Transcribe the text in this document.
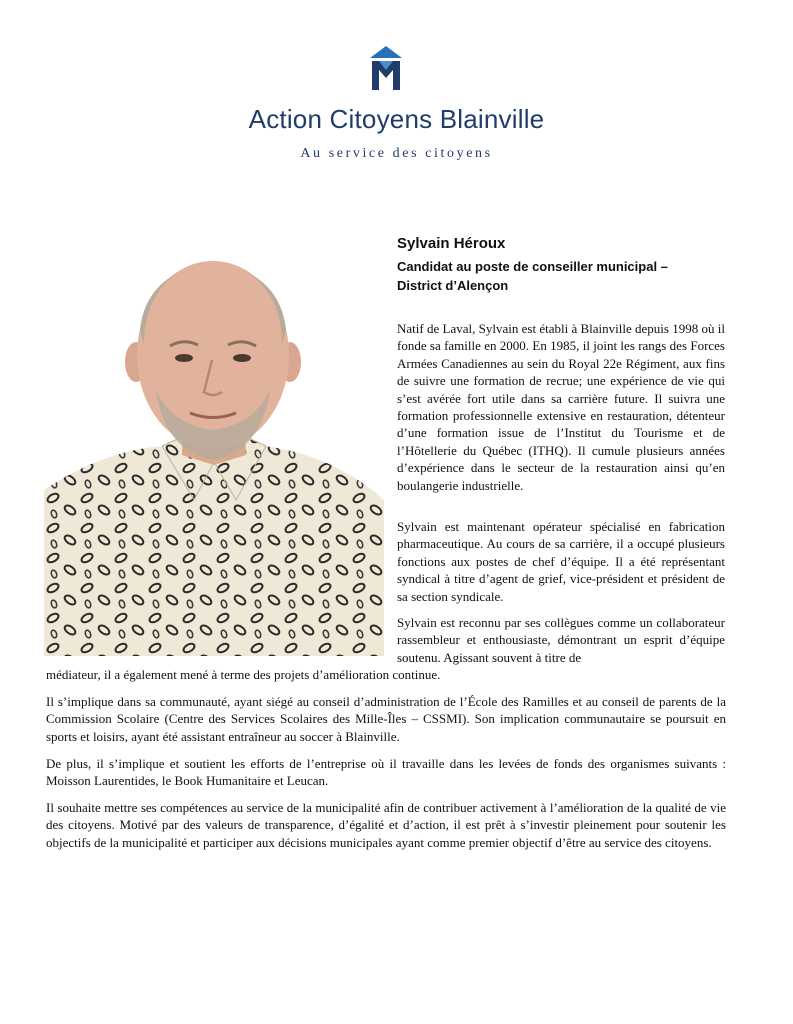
Action Citoyens Blainville
Au service des citoyens
Sylvain Héroux
Candidat au poste de conseiller municipal –
District d’Alençon

Natif de Laval, Sylvain est établi à Blainville depuis 1998 où il fonde sa famille en 2000. En 1985, il joint les rangs des Forces Armées Canadiennes au sein du Royal 22e Régiment, aux fins de suivre une formation de recrue; une expérience de vie qui s’est avérée fort utile dans sa carrière future. Il suivra une formation professionnelle extensive en restauration, détenteur d’une formation issue de l’Institut du Tourisme et de l’Hôtellerie du Québec (ITHQ). Il cumule plusieurs années d’expérience dans le secteur de la restauration ainsi qu’en boulangerie industrielle.

Sylvain est maintenant opérateur spécialisé en fabrication pharmaceutique. Au cours de sa carrière, il a occupé plusieurs fonctions aux postes de chef d’équipe. Il a été représentant syndical à titre d’agent de grief, vice-président et président de sa section syndicale.

Sylvain est reconnu par ses collègues comme un collaborateur rassembleur et enthousiaste, démontrant un esprit d’équipe soutenu. Agissant souvent à titre de

médiateur, il a également mené à terme des projets d’amélioration continue.

Il s’implique dans sa communauté, ayant siégé au conseil d’administration de l’École des Ramilles et au conseil de parents de la Commission Scolaire (Centre des Services Scolaires des Mille-Îles – CSSMI). Son implication communautaire se poursuit en sports et loisirs, ayant été assistant entraîneur au soccer à Blainville.

De plus, il s’implique et soutient les efforts de l’entreprise où il travaille dans les levées de fonds des organismes suivants : Moisson Laurentides, le Book Humanitaire et Leucan.

Il souhaite mettre ses compétences au service de la municipalité afin de contribuer activement à l’amélioration de la qualité de vie des citoyens. Motivé par des valeurs de transparence, d’égalité et d’action, il est prêt à s’investir pleinement pour soutenir les objectifs de la municipalité et participer aux décisions municipales ayant comme premier objectif d’être au service des citoyens.
